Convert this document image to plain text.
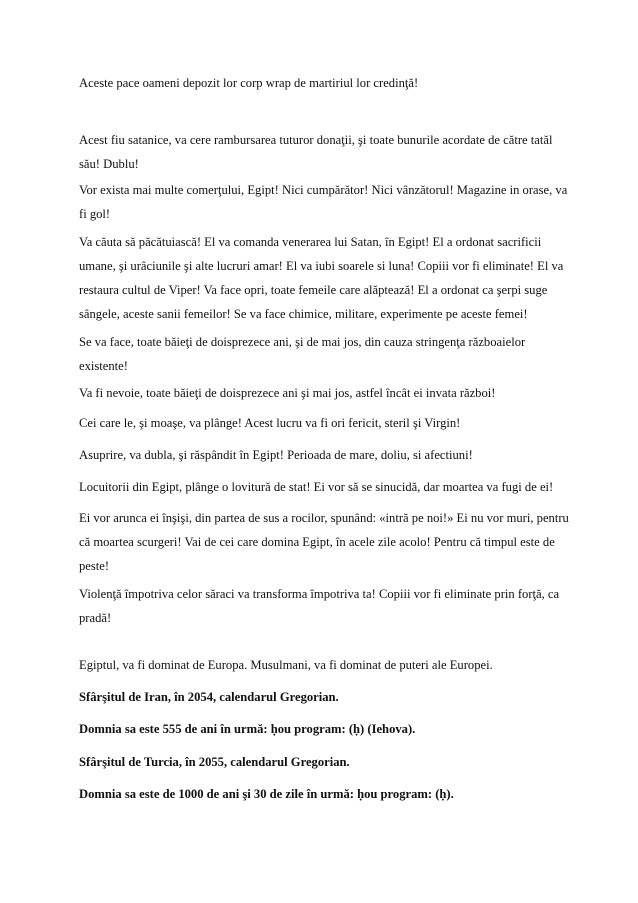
Aceste pace oameni depozit lor corp wrap de martiriul lor credinţă!

Acest fiu satanice, va cere rambursarea tuturor donaţii, şi toate bunurile acordate de către tatăl său! Dublu!

Vor exista mai multe comerţului, Egipt! Nici cumpărător! Nici vânzătorul! Magazine in orase, va fi gol!

Va căuta să păcătuiască! El va comanda venerarea lui Satan, în Egipt! El a ordonat sacrificii umane, şi urâciunile şi alte lucruri amar! El va iubi soarele si luna! Copiii vor fi eliminate! El va restaura cultul de Viper! Va face opri, toate femeile care alăptează! El a ordonat ca şerpi suge sângele, aceste sanii femeilor! Se va face chimice, militare, experimente pe aceste femei!

Se va face, toate băieţi de doisprezece ani, şi de mai jos, din cauza stringenţa războaielor existente!

Va fi nevoie, toate băieţi de doisprezece ani şi mai jos, astfel încât ei invata război!

Cei care le, şi moaşe, va plânge! Acest lucru va fi ori fericit, steril şi Virgin!

Asuprire, va dubla, şi răspândit în Egipt! Perioada de mare, doliu, si afectiuni!

Locuitorii din Egipt, plânge o lovitură de stat! Ei vor să se sinucidă, dar moartea va fugi de ei!

Ei vor arunca ei înşişi, din partea de sus a rocilor, spunând: «intră pe noi!» Ei nu vor muri, pentru că moartea scurgeri! Vai de cei care domina Egipt, în acele zile acolo! Pentru că timpul este de peste!

Violenţă împotriva celor săraci va transforma împotriva ta! Copiii vor fi eliminate prin forţă, ca pradă!

Egiptul, va fi dominat de Europa. Musulmani, va fi dominat de puteri ale Europei.

Sfârşitul de Iran, în 2054, calendarul Gregorian.

Domnia sa este 555 de ani în urmă: ḥou program: (ḥ) (Iehova).

Sfârşitul de Turcia, în 2055, calendarul Gregorian.

Domnia sa este de 1000 de ani şi 30 de zile în urmă: ḥou program: (ḥ).
